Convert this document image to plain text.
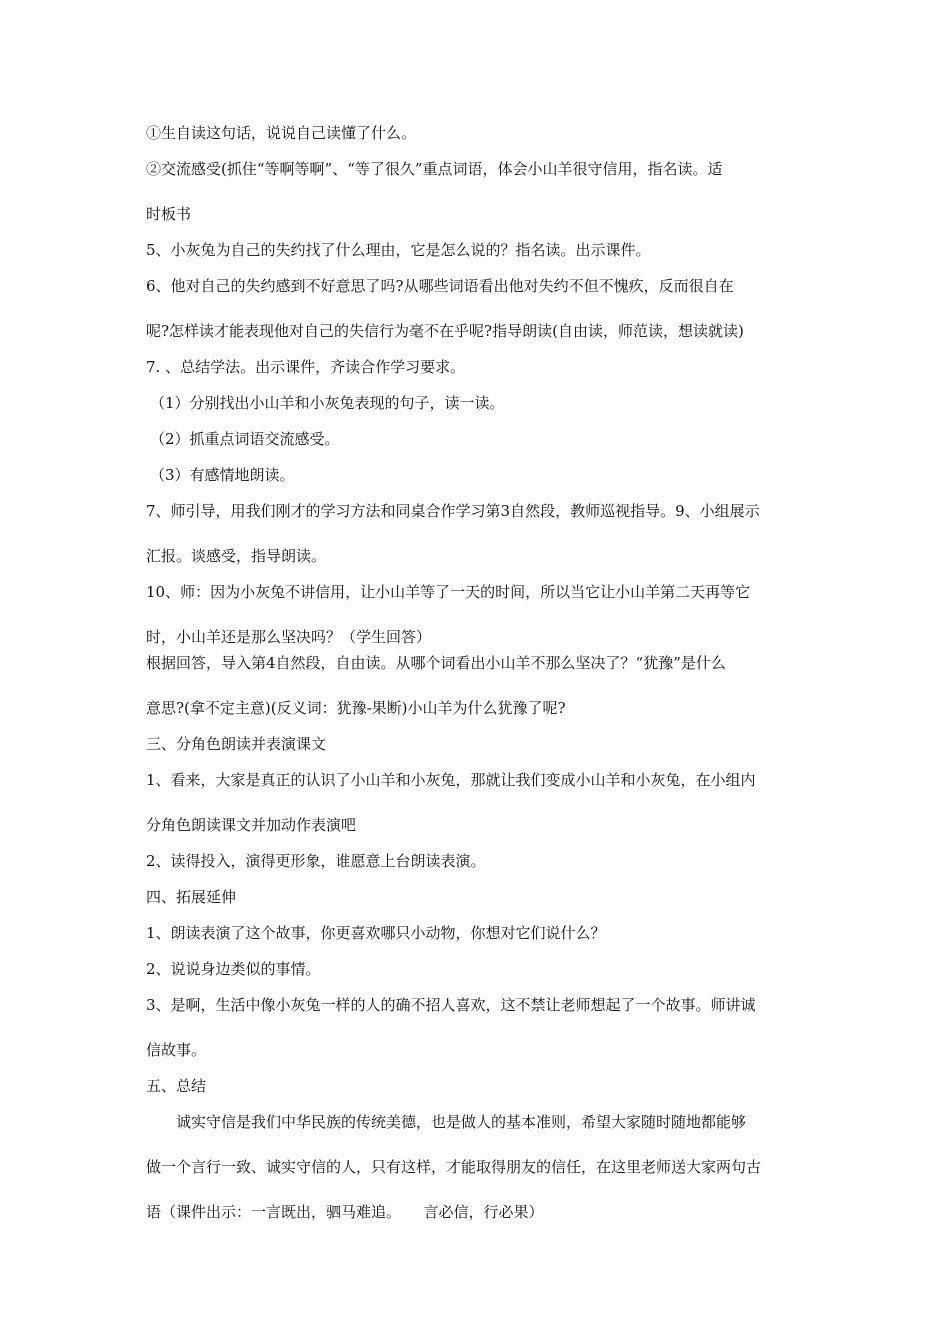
①生自读这句话，说说自己读懂了什么。
②交流感受(抓住“等啊等啊”、“等了很久”重点词语，体会小山羊很守信用，指名读。适
时板书
5、小灰兔为自己的失约找了什么理由，它是怎么说的？指名读。出示课件。
6、他对自己的失约感到不好意思了吗?从哪些词语看出他对失约不但不愧疚，反而很自在
呢?怎样读才能表现他对自己的失信行为毫不在乎呢?指导朗读(自由读，师范读，想读就读)
7. 、总结学法。出示课件，齐读合作学习要求。
（1）分别找出小山羊和小灰兔表现的句子，读一读。
（2）抓重点词语交流感受。
（3）有感情地朗读。
7、师引导，用我们刚才的学习方法和同桌合作学习第3自然段，教师巡视指导。9、小组展示
汇报。谈感受，指导朗读。
10、师：因为小灰兔不讲信用，让小山羊等了一天的时间，所以当它让小山羊第二天再等它
时，小山羊还是那么坚决吗？（学生回答）
根据回答，导入第4自然段，自由读。从哪个词看出小山羊不那么坚决了？“犹豫”是什么
意思?(拿不定主意)(反义词：犹豫-果断)小山羊为什么犹豫了呢?
三、分角色朗读并表演课文
1、看来，大家是真正的认识了小山羊和小灰兔，那就让我们变成小山羊和小灰兔，在小组内
分角色朗读课文并加动作表演吧
2、读得投入，演得更形象，谁愿意上台朗读表演。
四、拓展延伸
1、朗读表演了这个故事，你更喜欢哪只小动物，你想对它们说什么？
2、说说身边类似的事情。
3、是啊，生活中像小灰兔一样的人的确不招人喜欢，这不禁让老师想起了一个故事。师讲诚
信故事。
五、总结
诚实守信是我们中华民族的传统美德，也是做人的基本准则，希望大家随时随地都能够
做一个言行一致、诚实守信的人，只有这样，才能取得朋友的信任，在这里老师送大家两句古
语（课件出示：一言既出，驷马难追。　　言必信，行必果）
